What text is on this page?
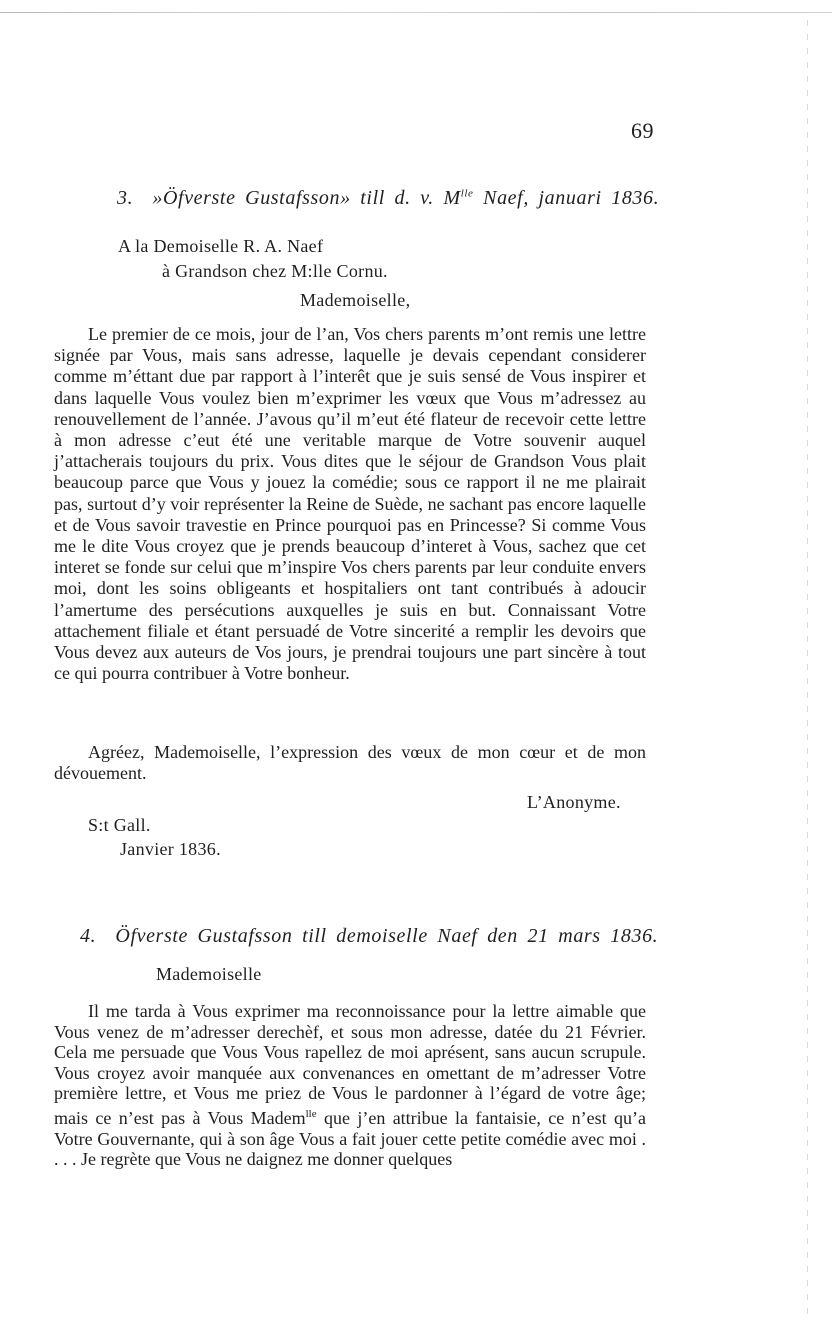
69
3. »Öfverste Gustafsson» till d. v. $M^{lle}$ Naef, januari 1836.
A la Demoiselle R. A. Naef
à Grandson chez M:lle Cornu.
Mademoiselle,
Le premier de ce mois, jour de l’an, Vos chers parents m’ont remis une lettre signée par Vous, mais sans adresse, laquelle je devais cependant considerer comme m’éttant due par rapport à l’interêt que je suis sensé de Vous inspirer et dans laquelle Vous voulez bien m’exprimer les vœux que Vous m’adressez au renouvellement de l’année. J’avous qu’il m’eut été flateur de recevoir cette lettre à mon adresse c’eut été une veritable marque de Votre souvenir auquel j’attacherais toujours du prix. Vous dites que le séjour de Grandson Vous plait beaucoup parce que Vous y jouez la comédie; sous ce rapport il ne me plairait pas, surtout d’y voir représenter la Reine de Suède, ne sachant pas encore laquelle et de Vous savoir travestie en Prince pourquoi pas en Princesse? Si comme Vous me le dite Vous croyez que je prends beaucoup d’interet à Vous, sachez que cet interet se fonde sur celui que m’inspire Vos chers parents par leur conduite envers moi, dont les soins obligeants et hospitaliers ont tant contribués à adoucir l’amertume des persécutions auxquelles je suis en but. Connaissant Votre attachement filiale et étant persuadé de Votre sincerité a remplir les devoirs que Vous devez aux auteurs de Vos jours, je prendrai toujours une part sincère à tout ce qui pourra contribuer à Votre bonheur.
Agréez, Mademoiselle, l’expression des vœux de mon cœur et de mon dévouement.
L’Anonyme.
S:t Gall.
Janvier 1836.
4. Öfverste Gustafsson till demoiselle Naef den 21 mars 1836.
Mademoiselle
Il me tarda à Vous exprimer ma reconnoissance pour la lettre aimable que Vous venez de m’adresser derechèf, et sous mon adresse, datée du 21 Février. Cela me persuade que Vous Vous rapellez de moi aprésent, sans aucun scrupule. Vous croyez avoir manquée aux convenances en omettant de m’adresser Votre première lettre, et Vous me priez de Vous le pardonner à l’égard de votre âge; mais ce n’est pas à Vous Madem$^{lle}$ que j’en attribue la fantaisie, ce n’est qu’a Votre Gouvernante, qui à son âge Vous a fait jouer cette petite comédie avec moi . . . . Je regrète que Vous ne daignez me donner quelques
